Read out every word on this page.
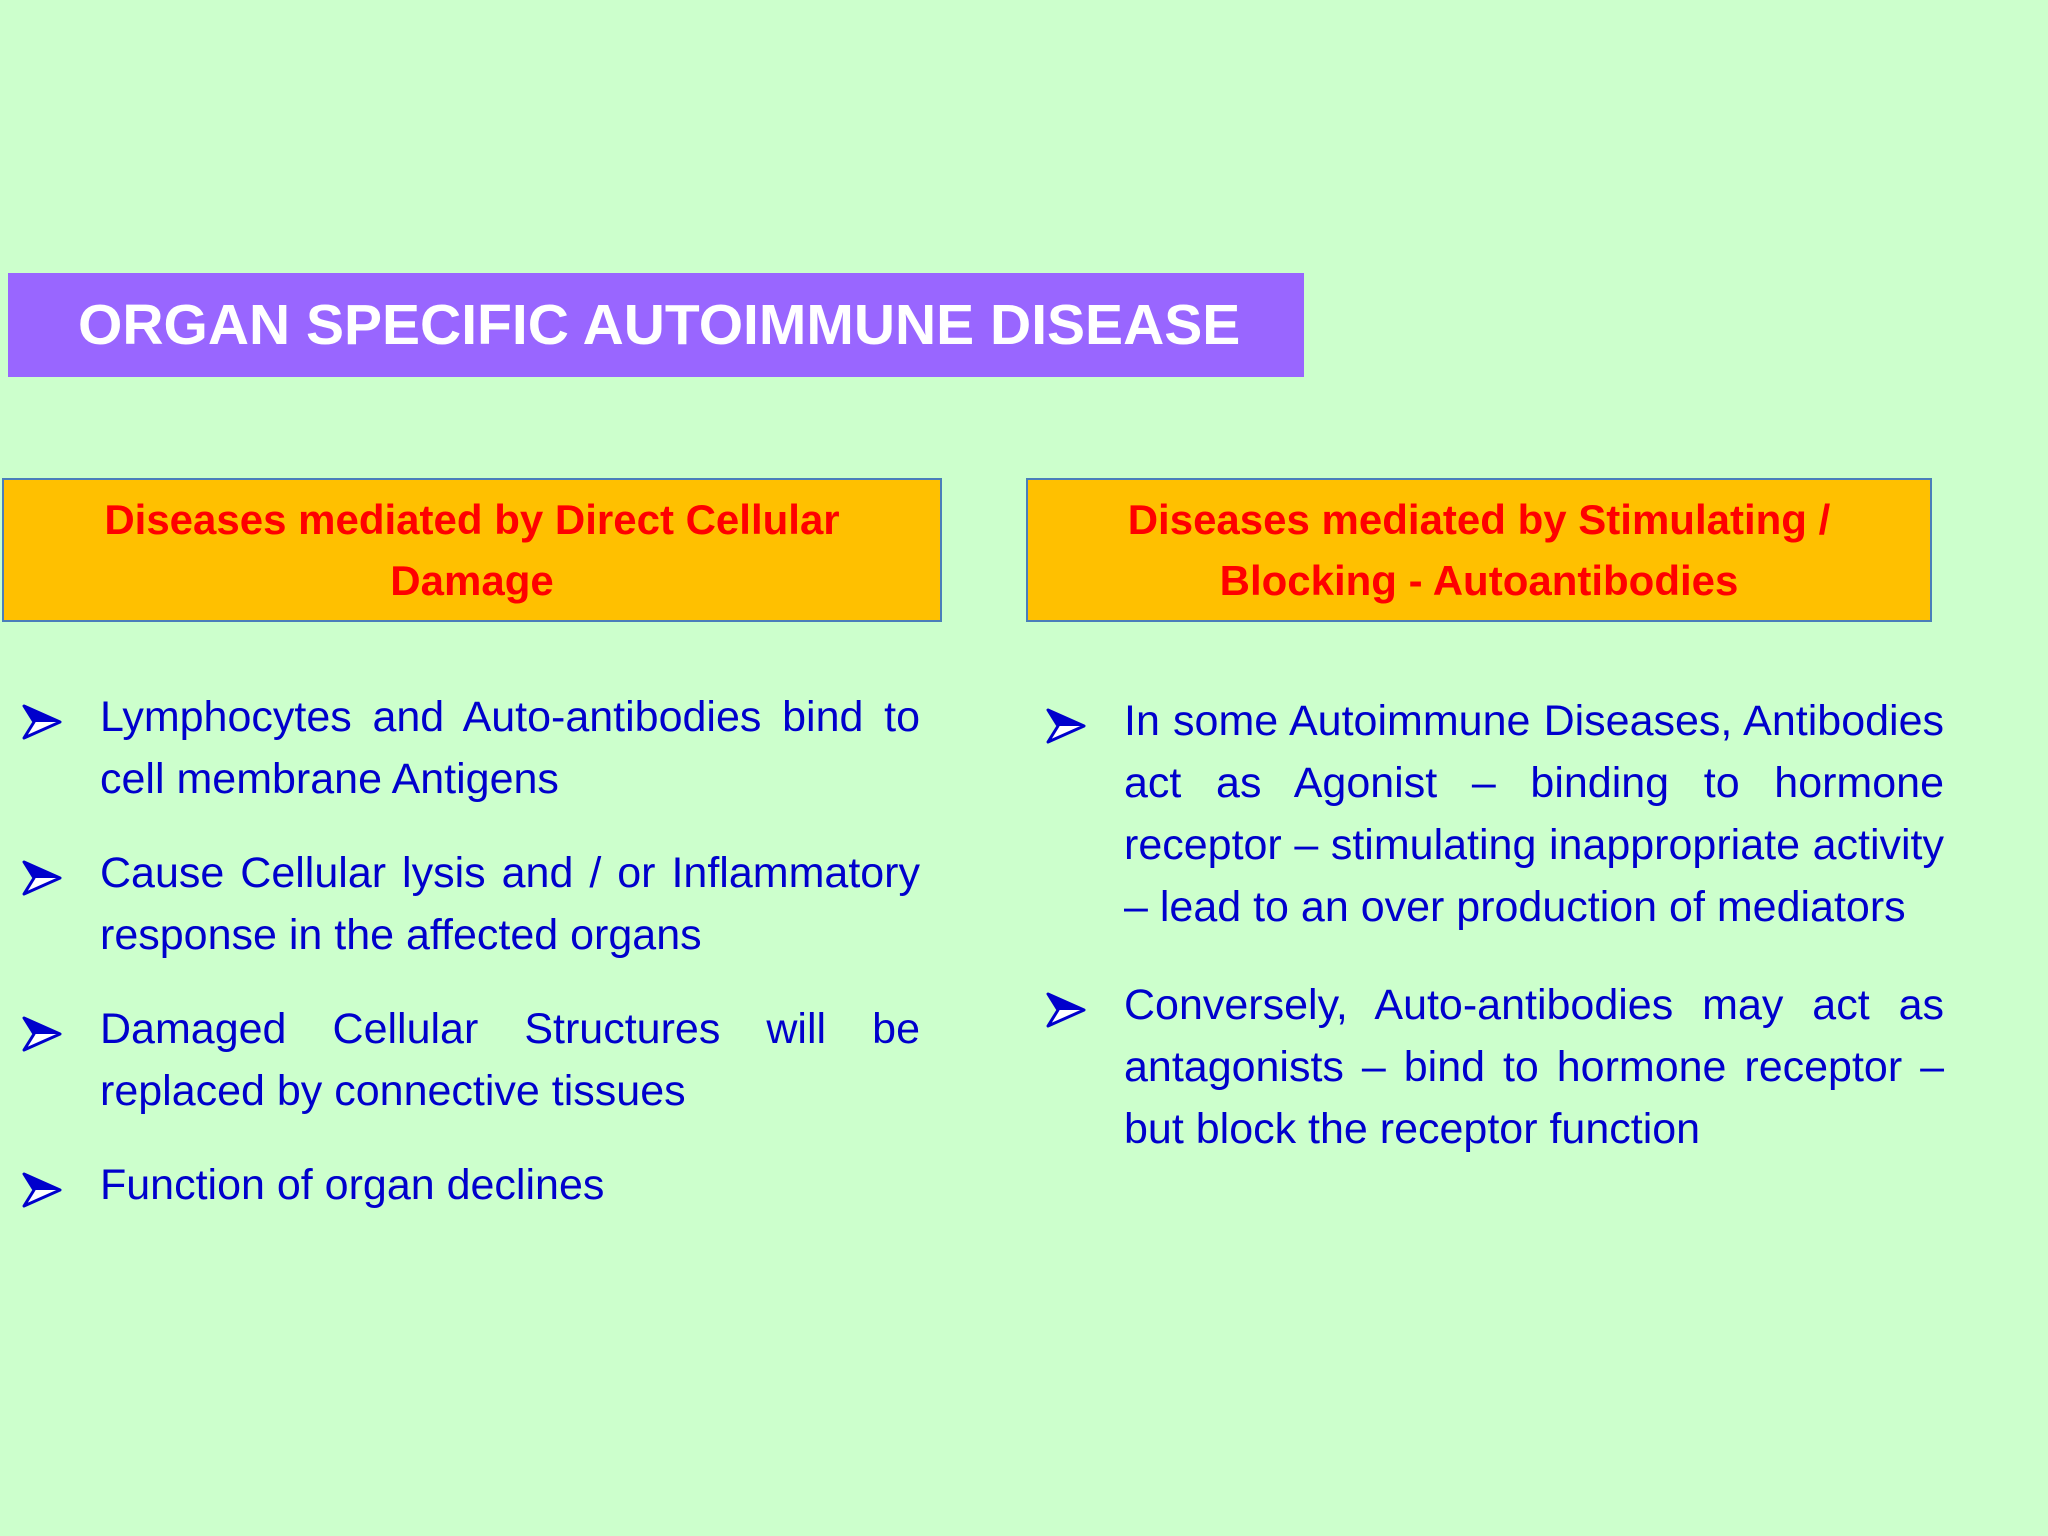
ORGAN SPECIFIC AUTOIMMUNE DISEASE
Diseases mediated by Direct Cellular Damage
Diseases mediated by Stimulating / Blocking - Autoantibodies
Lymphocytes and Auto-antibodies bind to cell membrane Antigens
Cause Cellular lysis and / or Inflammatory response in the affected organs
Damaged Cellular Structures will be replaced by connective tissues
Function of organ declines
In some Autoimmune Diseases, Antibodies act as Agonist – binding to hormone receptor – stimulating inappropriate activity – lead to an over production of mediators
Conversely, Auto-antibodies may act as antagonists – bind to hormone receptor – but block the receptor function
